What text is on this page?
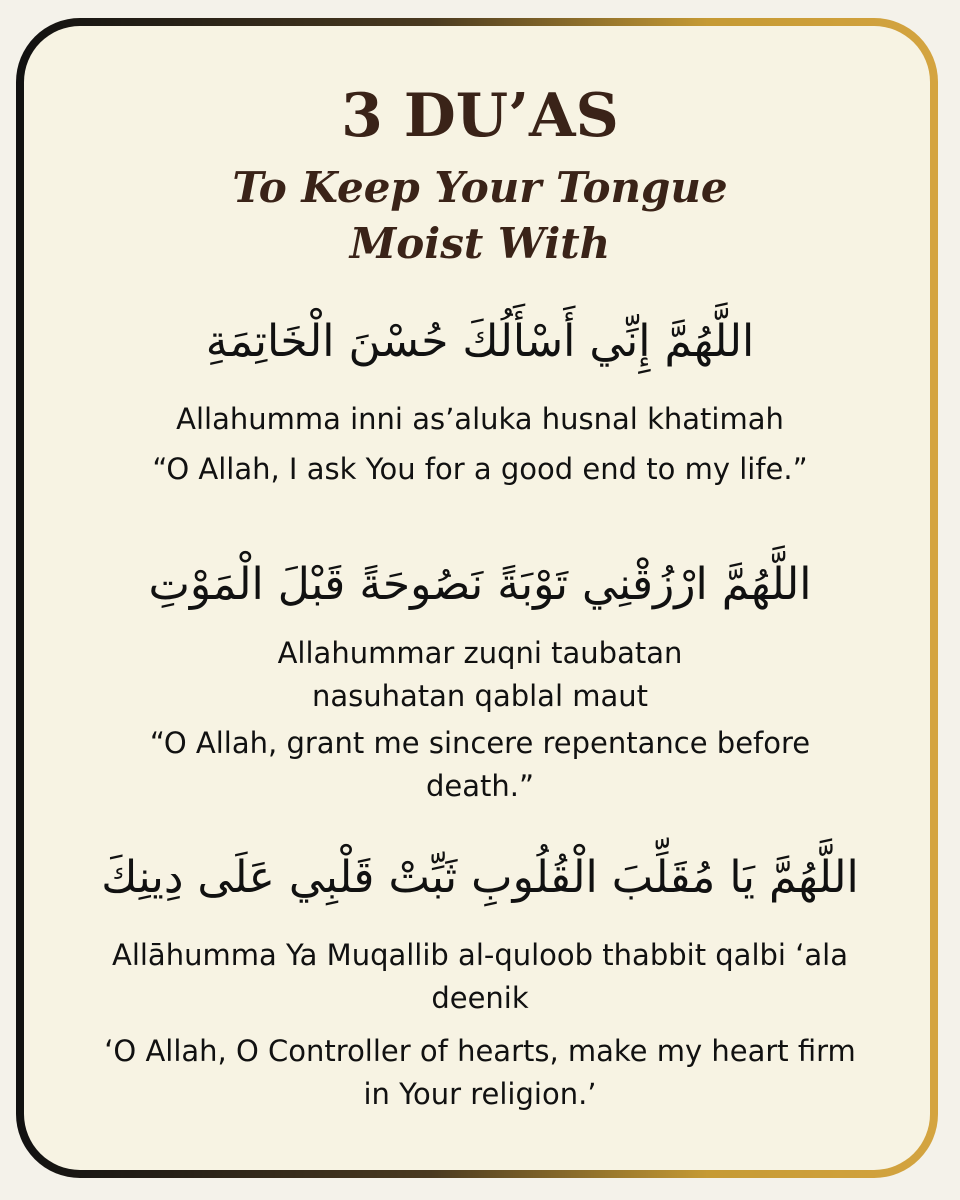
3 DU’AS
To Keep Your Tongue Moist With
اللَّهُمَّ إِنِّي أَسْأَلُكَ حُسْنَ الْخَاتِمَةِ
Allahumma inni as’aluka husnal khatimah
“O Allah, I ask You for a good end to my life.”
اللَّهُمَّ ارْزُقْنِي تَوْبَةً نَصُوحَةً قَبْلَ الْمَوْتِ
Allahummar zuqni taubatan nasuhatan qablal maut
“O Allah, grant me sincere repentance before death.”
اللَّهُمَّ يَا مُقَلِّبَ الْقُلُوبِ ثَبِّتْ قَلْبِي عَلَى دِينِكَ
Allāhumma Ya Muqallib al-quloob thabbit qalbi ‘ala deenik
‘O Allah, O Controller of hearts, make my heart firm in Your religion.’
